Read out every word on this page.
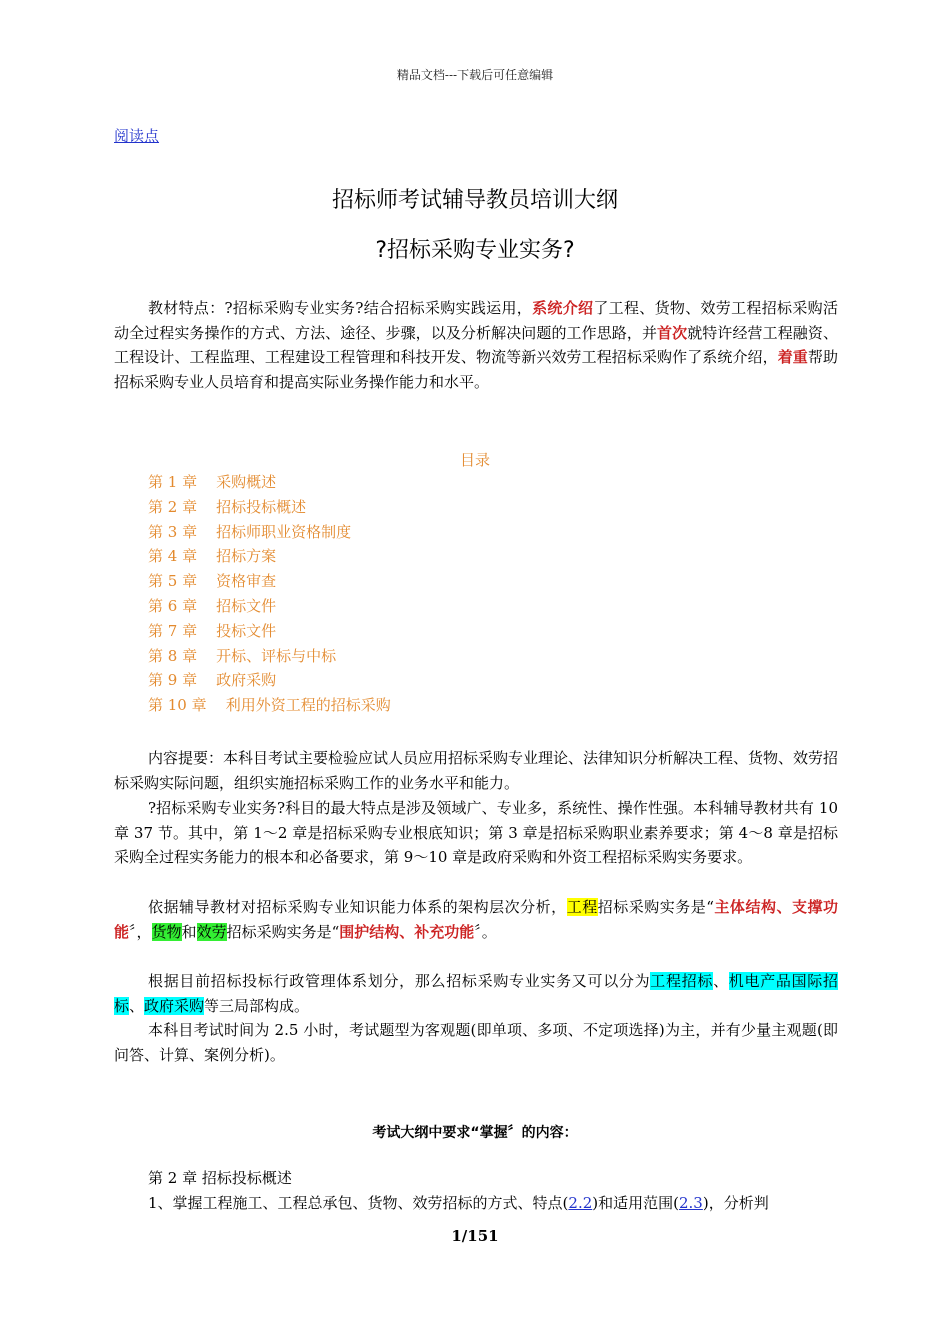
精品文档---下载后可任意编辑
阅读点
招标师考试辅导教员培训大纲
?招标采购专业实务?
教材特点：?招标采购专业实务?结合招标采购实践运用，系统介绍了工程、货物、效劳工程招标采购活动全过程实务操作的方式、方法、途径、步骤，以及分析解决问题的工作思路，并首次就特许经营工程融资、工程设计、工程监理、工程建设工程管理和科技开发、物流等新兴效劳工程招标采购作了系统介绍，着重帮助招标采购专业人员培育和提高实际业务操作能力和水平。
目录
第 1 章    采购概述
第 2 章    招标投标概述
第 3 章    招标师职业资格制度
第 4 章    招标方案
第 5 章    资格审查
第 6 章    招标文件
第 7 章    投标文件
第 8 章    开标、评标与中标
第 9 章    政府采购
第 10 章    利用外资工程的招标采购
内容提要：本科目考试主要检验应试人员应用招标采购专业理论、法律知识分析解决工程、货物、效劳招标采购实际问题，组织实施招标采购工作的业务水平和能力。
?招标采购专业实务?科目的最大特点是涉及领域广、专业多，系统性、操作性强。本科辅导教材共有 10 章 37 节。其中，第 1～2 章是招标采购专业根底知识；第 3 章是招标采购职业素养要求；第 4～8 章是招标采购全过程实务能力的根本和必备要求，第 9～10 章是政府采购和外资工程招标采购实务要求。
依据辅导教材对招标采购专业知识能力体系的架构层次分析，工程招标采购实务是“主体结构、支撑功能〞，货物和效劳招标采购实务是“围护结构、补充功能〞。
根据目前招标投标行政管理体系划分，那么招标采购专业实务又可以分为工程招标、机电产品国际招标、政府采购等三局部构成。
本科目考试时间为 2.5 小时，考试题型为客观题(即单项、多项、不定项选择)为主，并有少量主观题(即问答、计算、案例分析)。
考试大纲中要求“掌握〞的内容：
第 2 章 招标投标概述
1、掌握工程施工、工程总承包、货物、效劳招标的方式、特点(2.2)和适用范围(2.3)，分析判
1/151
